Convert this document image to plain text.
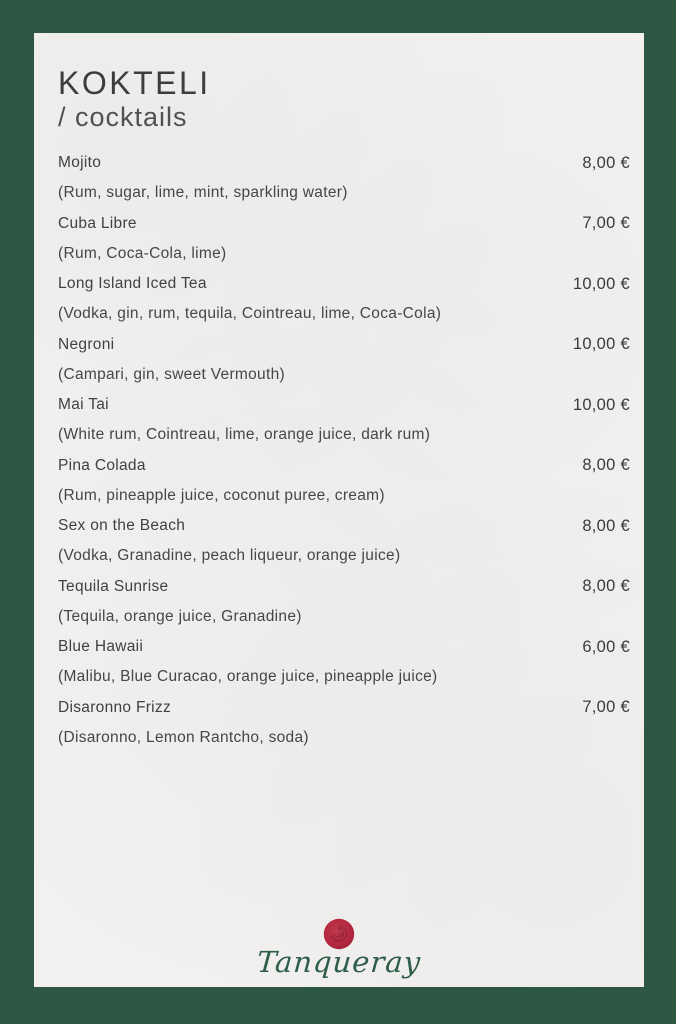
KOKTELI
/ cocktails
Mojito	8,00 €
(Rum, sugar, lime, mint, sparkling water)
Cuba Libre	7,00 €
(Rum, Coca-Cola, lime)
Long Island Iced Tea	10,00 €
(Vodka, gin, rum, tequila, Cointreau, lime, Coca-Cola)
Negroni	10,00 €
(Campari, gin, sweet Vermouth)
Mai Tai	10,00 €
(White rum, Cointreau, lime, orange juice, dark rum)
Pina Colada	8,00 €
(Rum, pineapple juice, coconut puree, cream)
Sex on the Beach	8,00 €
(Vodka, Granadine, peach liqueur, orange juice)
Tequila Sunrise	8,00 €
(Tequila, orange juice, Granadine)
Blue Hawaii	6,00 €
(Malibu, Blue Curacao, orange juice, pineapple juice)
Disaronno Frizz	7,00 €
(Disaronno, Lemon Rantcho, soda)
Tanqueray
